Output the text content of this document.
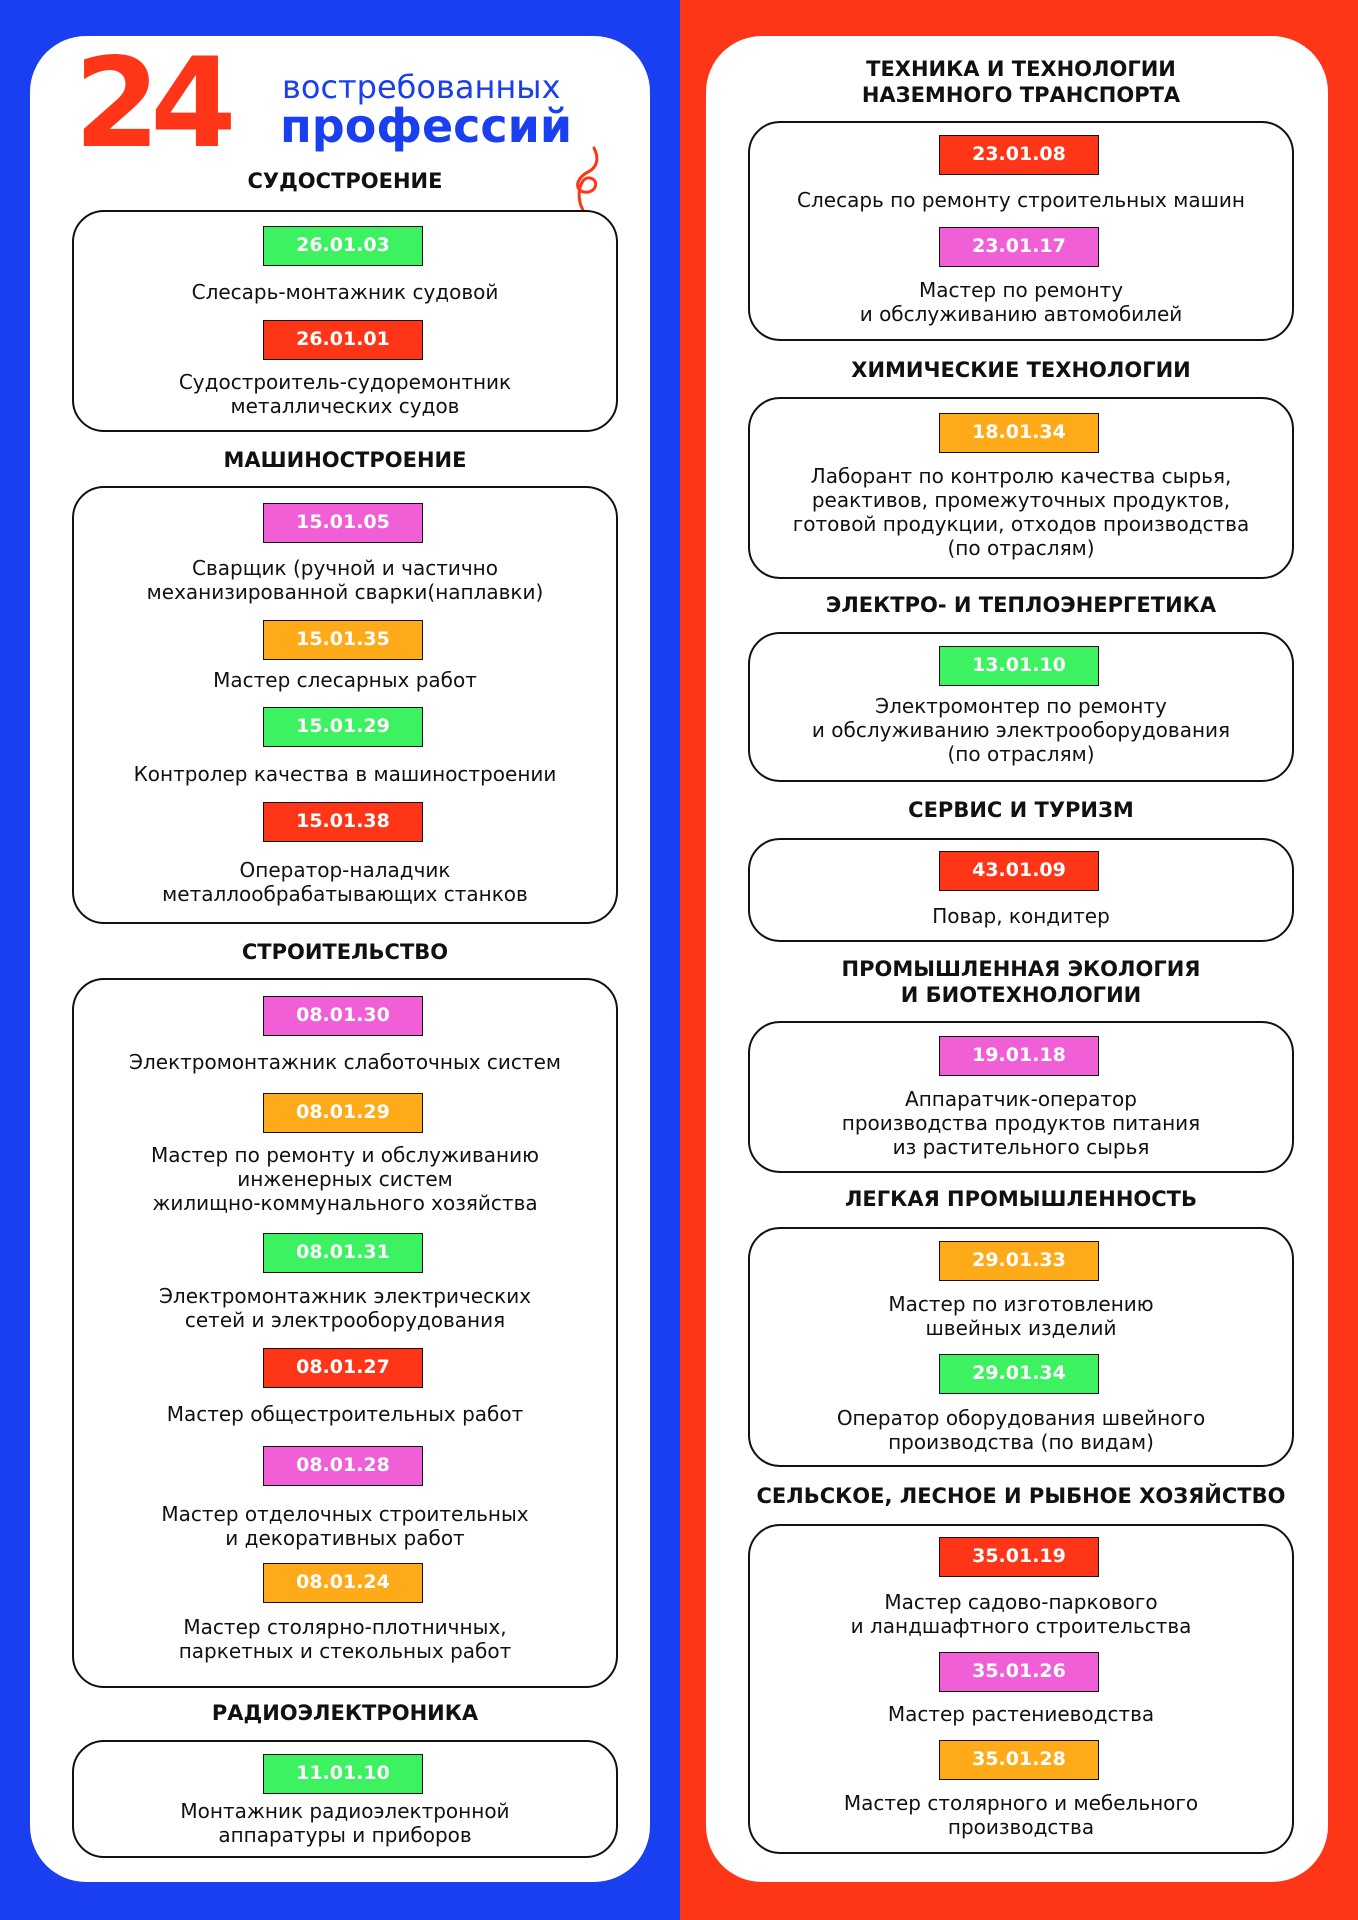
24 востребованных
профессий
СУДОСТРОЕНИЕ
26.01.03
Слесарь-монтажник судовой
26.01.01
Судостроитель-судоремонтник
металлических судов
МАШИНОСТРОЕНИЕ
15.01.05
Сварщик (ручной и частично
механизированной сварки(наплавки)
15.01.35
Мастер слесарных работ
15.01.29
Контролер качества в машиностроении
15.01.38
Оператор-наладчик
металлообрабатывающих станков
СТРОИТЕЛЬСТВО
08.01.30
Электромонтажник слаботочных систем
08.01.29
Мастер по ремонту и обслуживанию
инженерных систем
жилищно-коммунального хозяйства
08.01.31
Электромонтажник электрических
сетей и электрооборудования
08.01.27
Мастер общестроительных работ
08.01.28
Мастер отделочных строительных
и декоративных работ
08.01.24
Мастер столярно-плотничных,
паркетных и стекольных работ
РАДИОЭЛЕКТРОНИКА
11.01.10
Монтажник радиоэлектронной
аппаратуры и приборов
ТЕХНИКА И ТЕХНОЛОГИИ
НАЗЕМНОГО ТРАНСПОРТА
23.01.08
Слесарь по ремонту строительных машин
23.01.17
Мастер по ремонту
и обслуживанию автомобилей
ХИМИЧЕСКИЕ ТЕХНОЛОГИИ
18.01.34
Лаборант по контролю качества сырья,
реактивов, промежуточных продуктов,
готовой продукции, отходов производства
(по отраслям)
ЭЛЕКТРО- И ТЕПЛОЭНЕРГЕТИКА
13.01.10
Электромонтер по ремонту
и обслуживанию электрооборудования
(по отраслям)
СЕРВИС И ТУРИЗМ
43.01.09
Повар, кондитер
ПРОМЫШЛЕННАЯ ЭКОЛОГИЯ
И БИОТЕХНОЛОГИИ
19.01.18
Аппаратчик-оператор
производства продуктов питания
из растительного сырья
ЛЕГКАЯ ПРОМЫШЛЕННОСТЬ
29.01.33
Мастер по изготовлению
швейных изделий
29.01.34
Оператор оборудования швейного
производства (по видам)
СЕЛЬСКОЕ, ЛЕСНОЕ И РЫБНОЕ ХОЗЯЙСТВО
35.01.19
Мастер садово-паркового
и ландшафтного строительства
35.01.26
Мастер растениеводства
35.01.28
Мастер столярного и мебельного
производства
